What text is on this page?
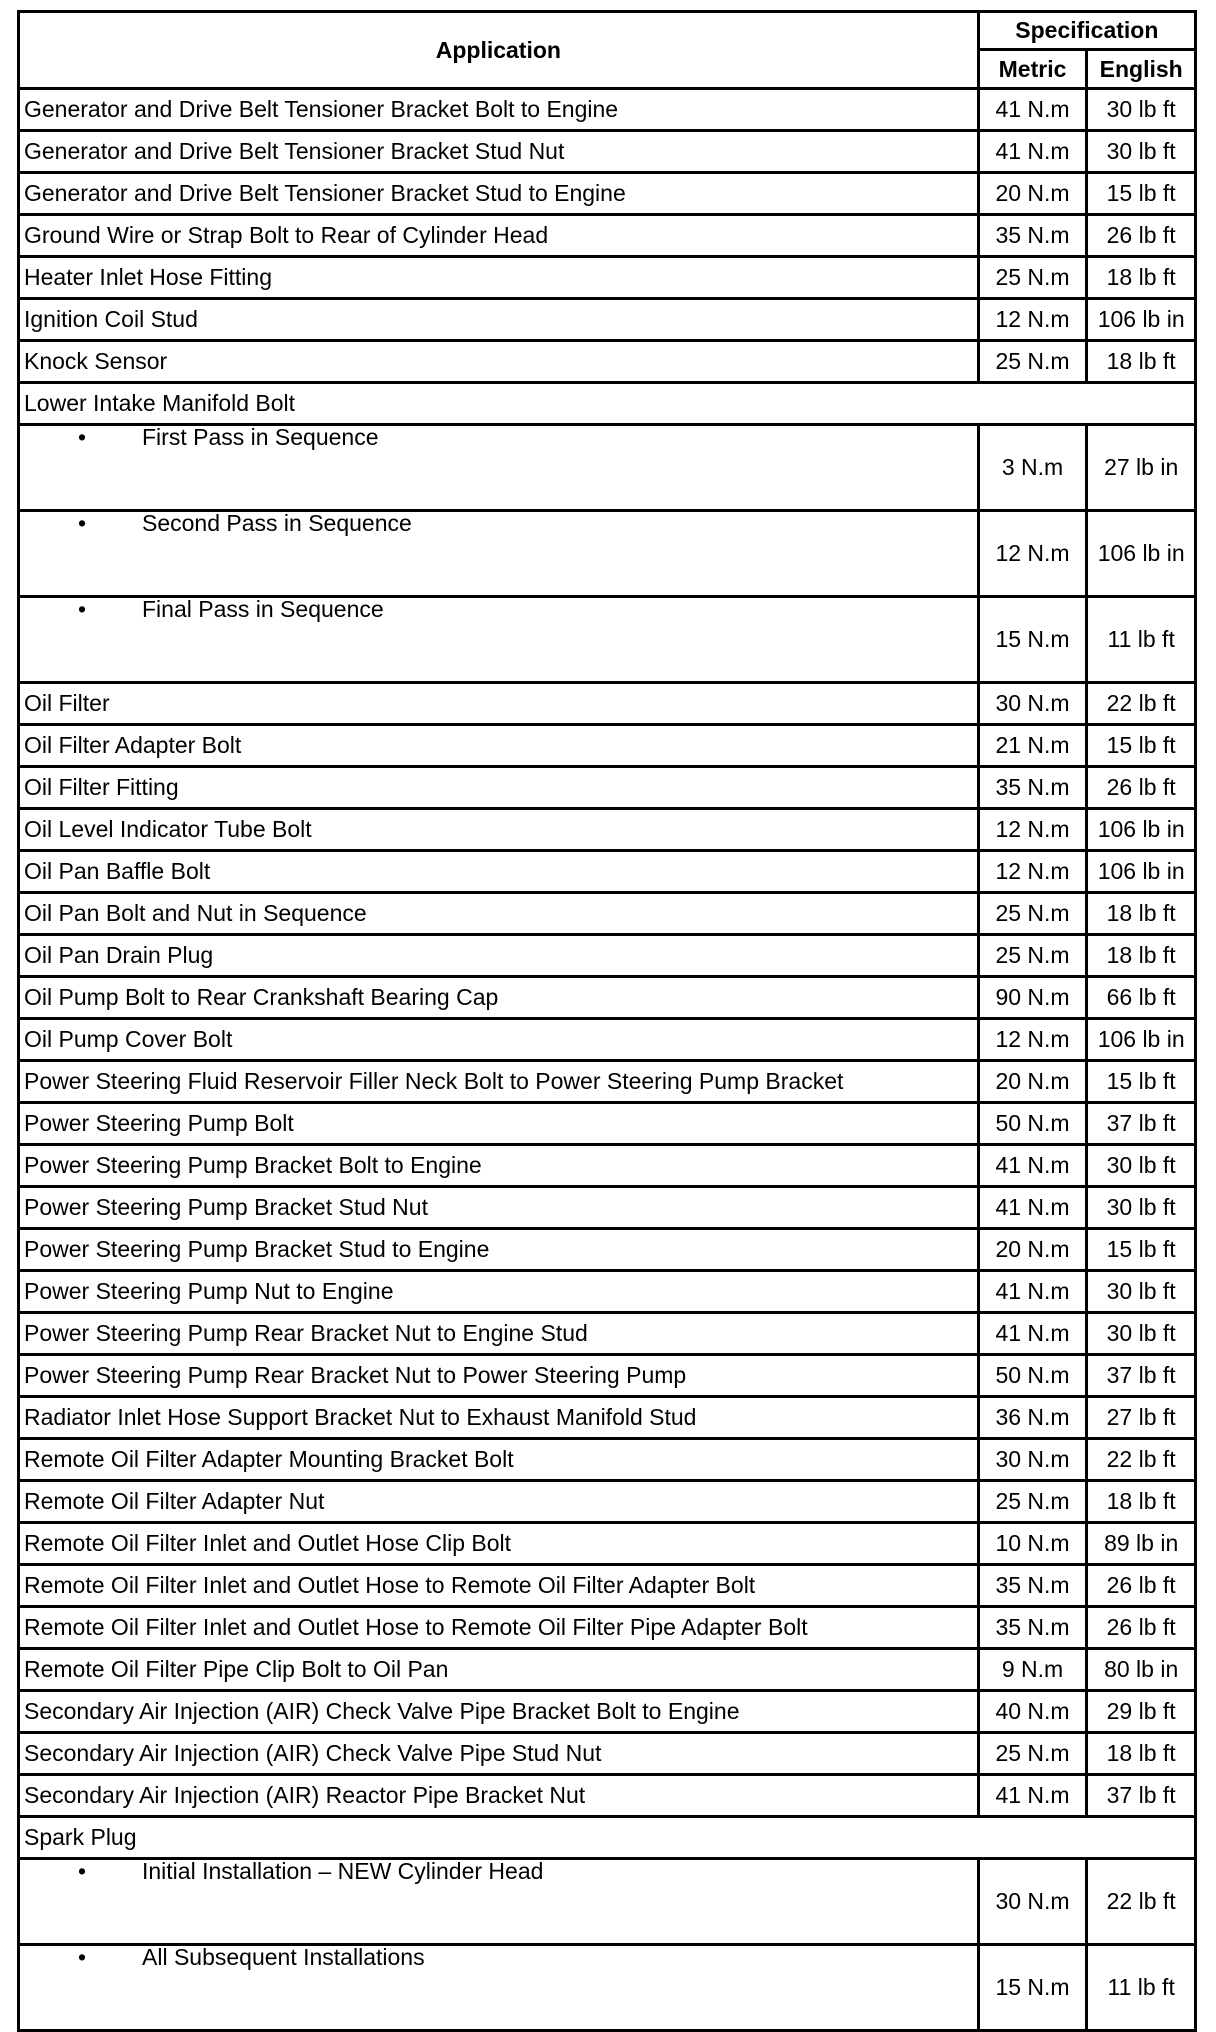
Application	Specification	
	Metric	English
Generator and Drive Belt Tensioner Bracket Bolt to Engine	41 N.m	30 lb ft
Generator and Drive Belt Tensioner Bracket Stud Nut	41 N.m	30 lb ft
Generator and Drive Belt Tensioner Bracket Stud to Engine	20 N.m	15 lb ft
Ground Wire or Strap Bolt to Rear of Cylinder Head	35 N.m	26 lb ft
Heater Inlet Hose Fitting	25 N.m	18 lb ft
Ignition Coil Stud	12 N.m	106 lb in
Knock Sensor	25 N.m	18 lb ft
Lower Intake Manifold Bolt		
• First Pass in Sequence	3 N.m	27 lb in
• Second Pass in Sequence	12 N.m	106 lb in
• Final Pass in Sequence	15 N.m	11 lb ft
Oil Filter	30 N.m	22 lb ft
Oil Filter Adapter Bolt	21 N.m	15 lb ft
Oil Filter Fitting	35 N.m	26 lb ft
Oil Level Indicator Tube Bolt	12 N.m	106 lb in
Oil Pan Baffle Bolt	12 N.m	106 lb in
Oil Pan Bolt and Nut in Sequence	25 N.m	18 lb ft
Oil Pan Drain Plug	25 N.m	18 lb ft
Oil Pump Bolt to Rear Crankshaft Bearing Cap	90 N.m	66 lb ft
Oil Pump Cover Bolt	12 N.m	106 lb in
Power Steering Fluid Reservoir Filler Neck Bolt to Power Steering Pump Bracket	20 N.m	15 lb ft
Power Steering Pump Bolt	50 N.m	37 lb ft
Power Steering Pump Bracket Bolt to Engine	41 N.m	30 lb ft
Power Steering Pump Bracket Stud Nut	41 N.m	30 lb ft
Power Steering Pump Bracket Stud to Engine	20 N.m	15 lb ft
Power Steering Pump Nut to Engine	41 N.m	30 lb ft
Power Steering Pump Rear Bracket Nut to Engine Stud	41 N.m	30 lb ft
Power Steering Pump Rear Bracket Nut to Power Steering Pump	50 N.m	37 lb ft
Radiator Inlet Hose Support Bracket Nut to Exhaust Manifold Stud	36 N.m	27 lb ft
Remote Oil Filter Adapter Mounting Bracket Bolt	30 N.m	22 lb ft
Remote Oil Filter Adapter Nut	25 N.m	18 lb ft
Remote Oil Filter Inlet and Outlet Hose Clip Bolt	10 N.m	89 lb in
Remote Oil Filter Inlet and Outlet Hose to Remote Oil Filter Adapter Bolt	35 N.m	26 lb ft
Remote Oil Filter Inlet and Outlet Hose to Remote Oil Filter Pipe Adapter Bolt	35 N.m	26 lb ft
Remote Oil Filter Pipe Clip Bolt to Oil Pan	9 N.m	80 lb in
Secondary Air Injection (AIR) Check Valve Pipe Bracket Bolt to Engine	40 N.m	29 lb ft
Secondary Air Injection (AIR) Check Valve Pipe Stud Nut	25 N.m	18 lb ft
Secondary Air Injection (AIR) Reactor Pipe Bracket Nut	41 N.m	37 lb ft
Spark Plug		
• Initial Installation – NEW Cylinder Head	30 N.m	22 lb ft
• All Subsequent Installations	15 N.m	11 lb ft
